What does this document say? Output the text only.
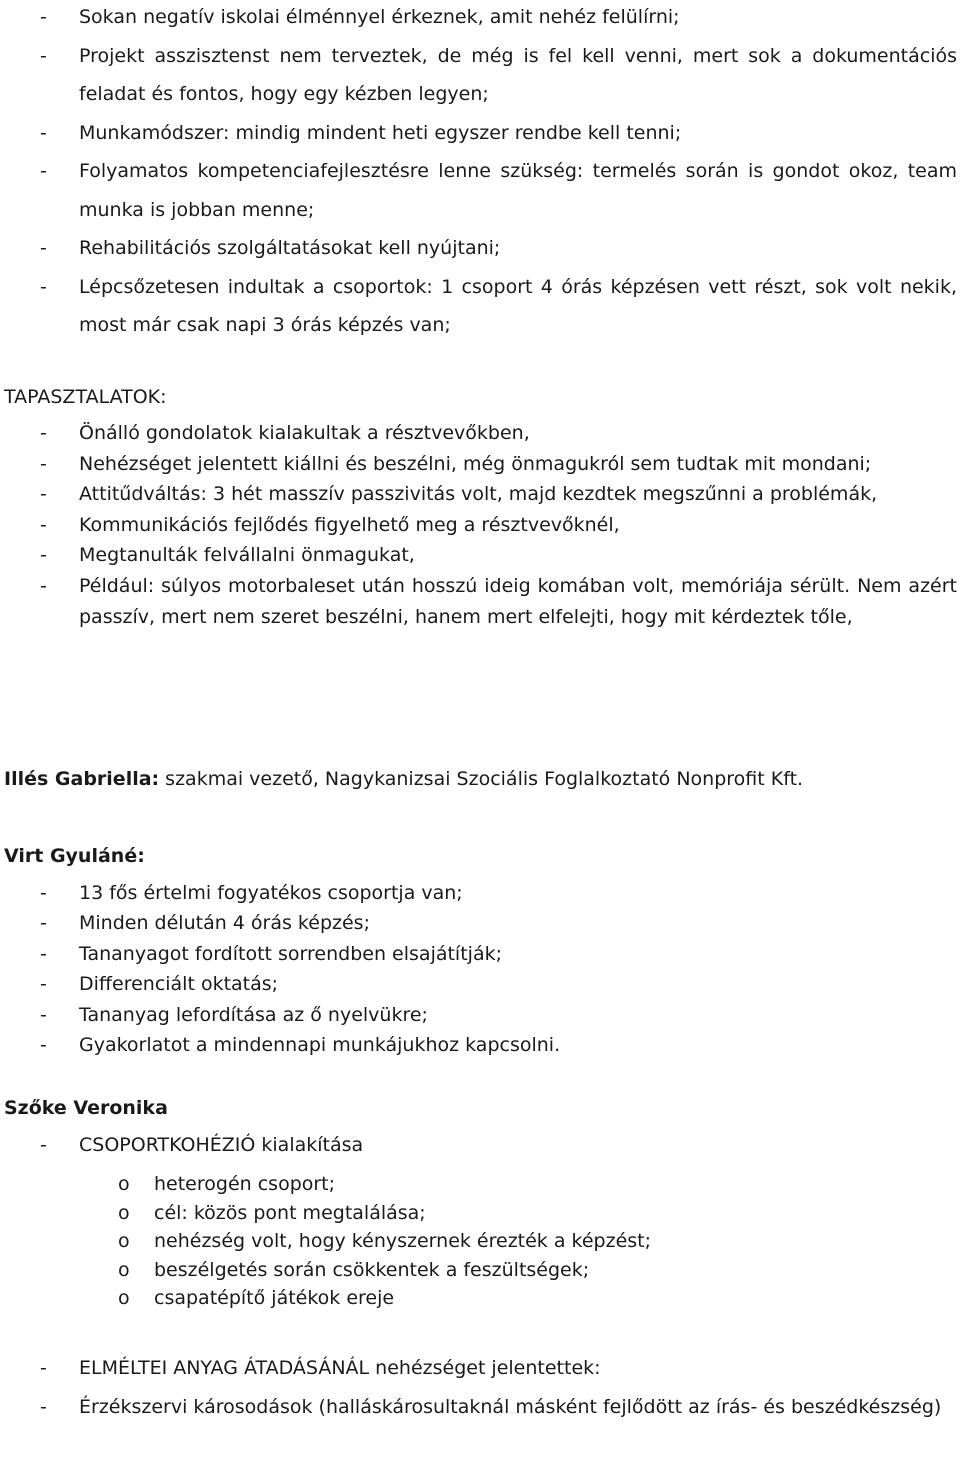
- Sokan negatív iskolai élménnyel érkeznek, amit nehéz felülírni;
- Projekt asszisztenst nem terveztek, de még is fel kell venni, mert sok a dokumentációs feladat és fontos, hogy egy kézben legyen;
- Munkamódszer: mindig mindent heti egyszer rendbe kell tenni;
- Folyamatos kompetenciafejlesztésre lenne szükség: termelés során is gondot okoz, team munka is jobban menne;
- Rehabilitációs szolgáltatásokat kell nyújtani;
- Lépcsőzetesen indultak a csoportok: 1 csoport 4 órás képzésen vett részt, sok volt nekik, most már csak napi 3 órás képzés van;
TAPASZTALATOK:
- Önálló gondolatok kialakultak a résztvevőkben,
- Nehézséget jelentett kiállni és beszélni, még önmagukról sem tudtak mit mondani;
- Attitűdváltás: 3 hét masszív passzivitás volt, majd kezdtek megszűnni a problémák,
- Kommunikációs fejlődés figyelhető meg a résztvevőknél,
- Megtanulták felvállalni önmagukat,
- Például: súlyos motorbaleset után hosszú ideig komában volt, memóriája sérült. Nem azért passzív, mert nem szeret beszélni, hanem mert elfelejti, hogy mit kérdeztek tőle,
Illés Gabriella: szakmai vezető, Nagykanizsai Szociális Foglalkoztató Nonprofit Kft.
Virt Gyuláné:
- 13 fős értelmi fogyatékos csoportja van;
- Minden délután 4 órás képzés;
- Tananyagot fordított sorrendben elsajátítják;
- Differenciált oktatás;
- Tananyag lefordítása az ő nyelvükre;
- Gyakorlatot a mindennapi munkájukhoz kapcsolni.
Szőke Veronika
- CSOPORTKOHÉZIÓ kialakítása
o heterogén csoport;
o cél: közös pont megtalálása;
o nehézség volt, hogy kényszernek érezték a képzést;
o beszélgetés során csökkentek a feszültségek;
o csapatépítő játékok ereje
- ELMÉLTEI ANYAG ÁTADÁSÁNÁL nehézséget jelentettek:
- Érzékszervi károsodások (halláskárosultaknál másként fejlődött az írás- és beszédkészség)
